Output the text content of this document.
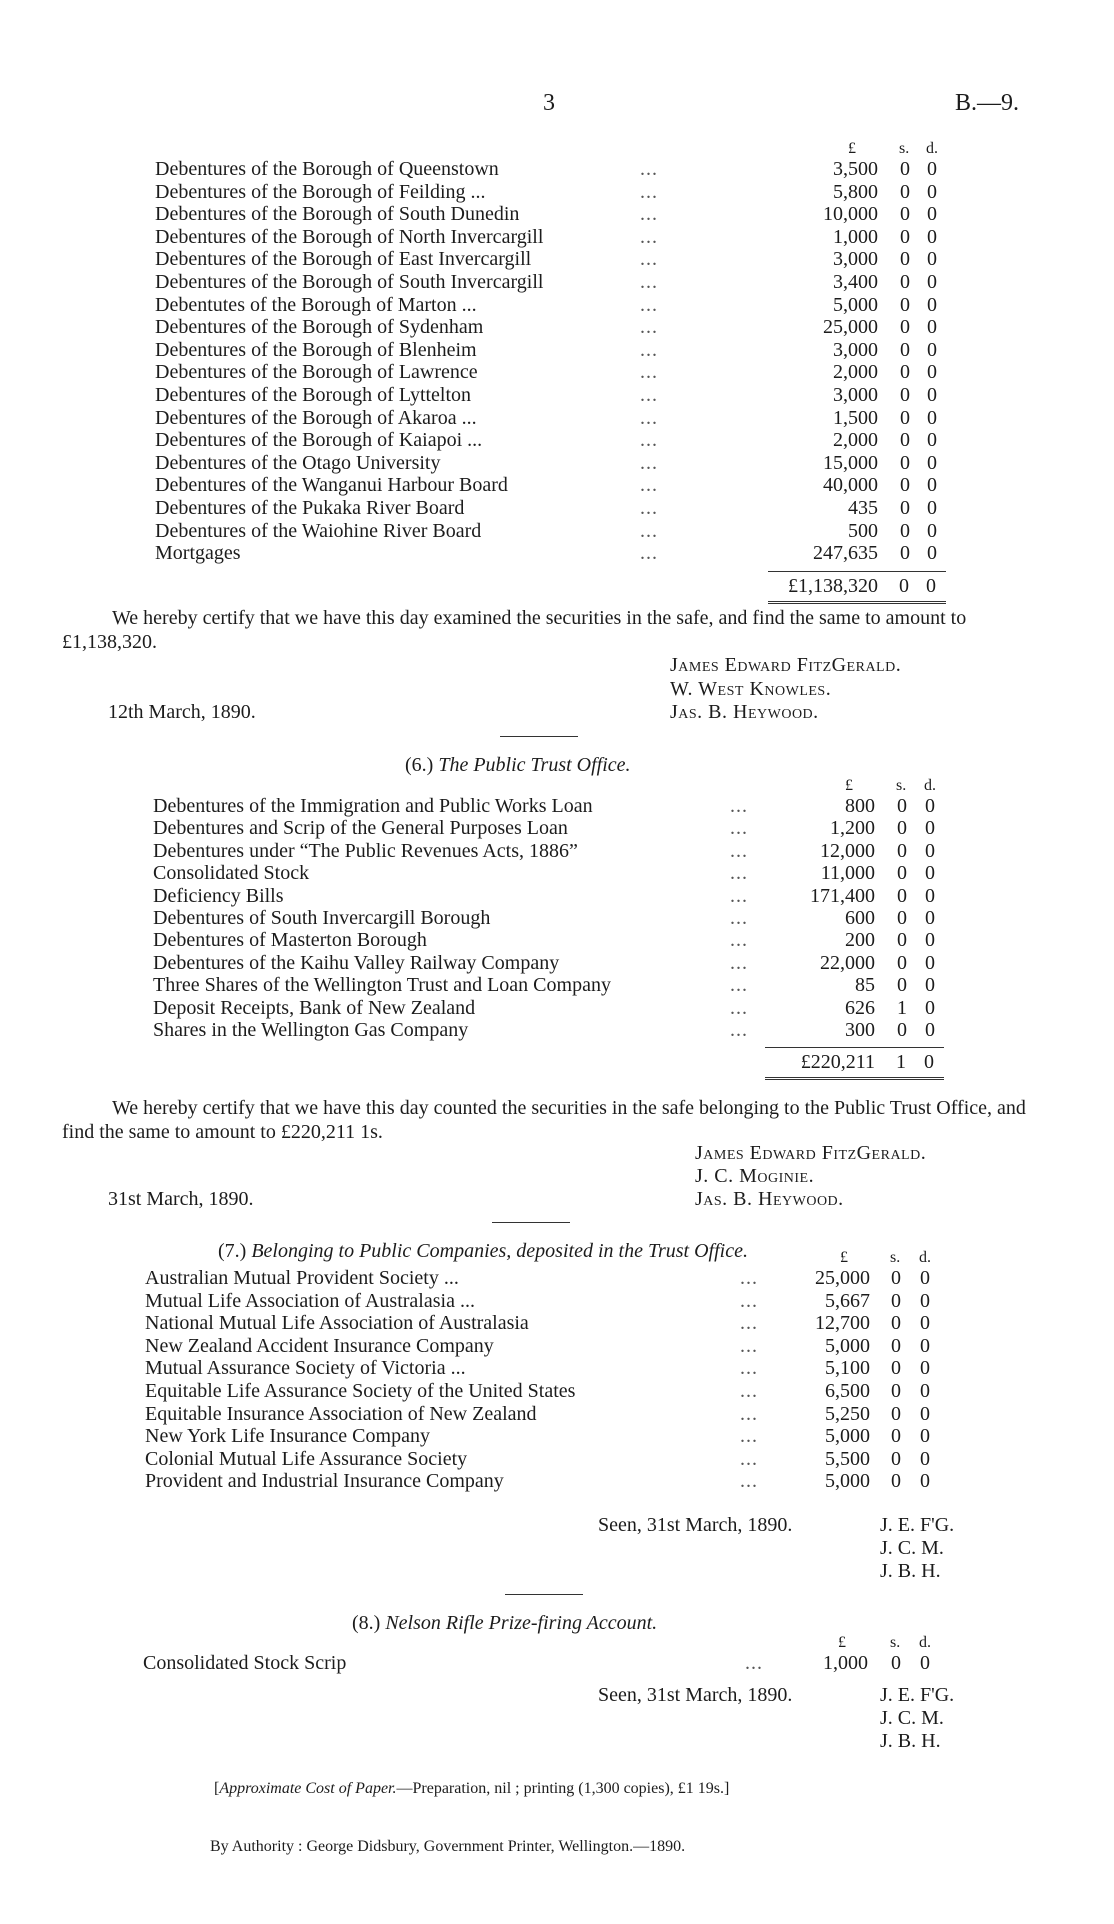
3	B.—9.
£	s. d.
Debentures of the Borough of Queenstown	...	3,500 0 0
Debentures of the Borough of Feilding ...	...	5,800 0 0
Debentures of the Borough of South Dunedin	...	10,000 0 0
Debentures of the Borough of North Invercargill	...	1,000 0 0
Debentures of the Borough of East Invercargill	...	3,000 0 0
Debentures of the Borough of South Invercargill	...	3,400 0 0
Debentutes of the Borough of Marton ...	...	5,000 0 0
Debentures of the Borough of Sydenham	...	25,000 0 0
Debentures of the Borough of Blenheim	...	3,000 0 0
Debentures of the Borough of Lawrence	...	2,000 0 0
Debentures of the Borough of Lyttelton	...	3,000 0 0
Debentures of the Borough of Akaroa ...	...	1,500 0 0
Debentures of the Borough of Kaiapoi ...	...	2,000 0 0
Debentures of the Otago University	...	15,000 0 0
Debentures of the Wanganui Harbour Board	...	40,000 0 0
Debentures of the Pukaka River Board	...	435 0 0
Debentures of the Waiohine River Board	...	500 0 0
Mortgages	...	247,635 0 0
£1,138,320 0 0
We hereby certify that we have this day examined the securities in the safe, and find the same to amount to £1,138,320.
James Edward FitzGerald.
W. West Knowles.
12th March, 1890.	Jas. B. Heywood.
(6.) The Public Trust Office.
£	s. d.
Debentures of the Immigration and Public Works Loan	...	800 0 0
Debentures and Scrip of the General Purposes Loan	...	1,200 0 0
Debentures under “The Public Revenues Acts, 1886”	...	12,000 0 0
Consolidated Stock	...	11,000 0 0
Deficiency Bills	...	171,400 0 0
Debentures of South Invercargill Borough	...	600 0 0
Debentures of Masterton Borough	...	200 0 0
Debentures of the Kaihu Valley Railway Company	...	22,000 0 0
Three Shares of the Wellington Trust and Loan Company	...	85 0 0
Deposit Receipts, Bank of New Zealand	...	626 1 0
Shares in the Wellington Gas Company	...	300 0 0
£220,211 1 0
We hereby certify that we have this day counted the securities in the safe belonging to the Public Trust Office, and find the same to amount to £220,211 1s.
James Edward FitzGerald.
J. C. Moginie.
31st March, 1890.	Jas. B. Heywood.
(7.) Belonging to Public Companies, deposited in the Trust Office.	£	s. d.
Australian Mutual Provident Society ...	...	25,000 0 0
Mutual Life Association of Australasia ...	...	5,667 0 0
National Mutual Life Association of Australasia	...	12,700 0 0
New Zealand Accident Insurance Company	...	5,000 0 0
Mutual Assurance Society of Victoria ...	...	5,100 0 0
Equitable Life Assurance Society of the United States	...	6,500 0 0
Equitable Insurance Association of New Zealand	...	5,250 0 0
New York Life Insurance Company	...	5,000 0 0
Colonial Mutual Life Assurance Society	...	5,500 0 0
Provident and Industrial Insurance Company	...	5,000 0 0
Seen, 31st March, 1890.	J. E. F'G.
J. C. M.
J. B. H.
(8.) Nelson Rifle Prize-firing Account.
£	s. d.
Consolidated Stock Scrip	...	1,000 0 0
Seen, 31st March, 1890.	J. E. F'G.
J. C. M.
J. B. H.
[Approximate Cost of Paper.—Preparation, nil ; printing (1,300 copies), £1 19s.]
By Authority : George Didsbury, Government Printer, Wellington.—1890.
